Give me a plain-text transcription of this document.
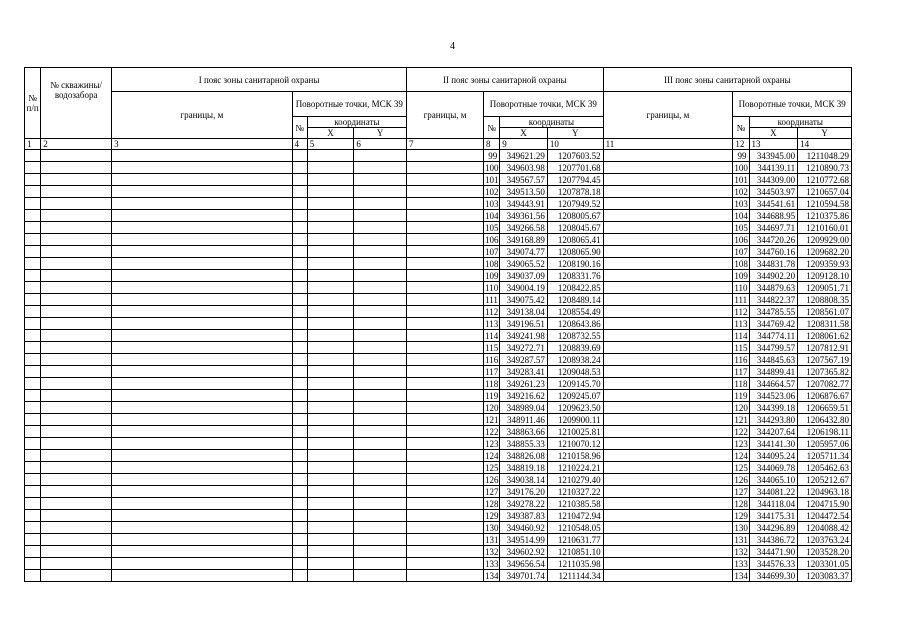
4
№ п/п	№ скважины/ водозабора	I пояс зоны санитарной охраны				II пояс зоны санитарной охраны				III пояс зоны санитарной охраны			
		границы, м	Поворотные точки, МСК 39			границы, м	Поворотные точки, МСК 39			границы, м	Поворотные точки, МСК 39		
			№	координаты			№	координаты			№	координаты	
				X	Y			X	Y			X	Y
1	2	3	4	5	6	7	8	9	10	11	12	13	14
							99	349621.29	1207603.52		99	343945.00	1211048.29
							100	349603.98	1207701.68		100	344139.11	1210890.73
							101	349567.57	1207794.45		101	344309.00	1210772.68
							102	349513.50	1207878.18		102	344503.97	1210657.04
							103	349443.91	1207949.52		103	344541.61	1210594.58
							104	349361.56	1208005.67		104	344688.95	1210375.86
							105	349266.58	1208045.67		105	344697.71	1210160.01
							106	349168.89	1208065.41		106	344720.26	1209929.00
							107	349074.77	1208065.90		107	344760.16	1209682.20
							108	349065.52	1208190.16		108	344831.78	1209359.93
							109	349037.09	1208331.76		109	344902.20	1209128.10
							110	349004.19	1208422.85		110	344879.63	1209051.71
							111	349075.42	1208489.14		111	344822.37	1208808.35
							112	349138.04	1208554.49		112	344785.55	1208561.07
							113	349196.51	1208643.86		113	344769.42	1208311.58
							114	349241.98	1208732.55		114	344774.11	1208061.62
							115	349272.71	1208839.69		115	344799.57	1207812.91
							116	349287.57	1208938.24		116	344845.63	1207567.19
							117	349283.41	1209048.53		117	344899.41	1207365.82
							118	349261.23	1209145.70		118	344664.57	1207082.77
							119	349216.62	1209245.07		119	344523.06	1206876.67
							120	348989.04	1209623.50		120	344399.18	1206659.51
							121	348911.46	1209900.11		121	344293.80	1206432.80
							122	348863.66	1210025.81		122	344207.64	1206198.11
							123	348855.33	1210070.12		123	344141.30	1205957.06
							124	348826.08	1210158.96		124	344095.24	1205711.34
							125	348819.18	1210224.21		125	344069.78	1205462.63
							126	349038.14	1210279.40		126	344065.10	1205212.67
							127	349176.20	1210327.22		127	344081.22	1204963.18
							128	349278.22	1210385.58		128	344118.04	1204715.90
							129	349387.83	1210472.94		129	344175.31	1204472.54
							130	349460.92	1210548.05		130	344296.89	1204088.42
							131	349514.99	1210631.77		131	344386.72	1203763.24
							132	349602.92	1210851.10		132	344471.90	1203528.20
							133	349656.54	1211035.98		133	344576.33	1203301.05
							134	349701.74	1211144.34		134	344699.30	1203083.37
